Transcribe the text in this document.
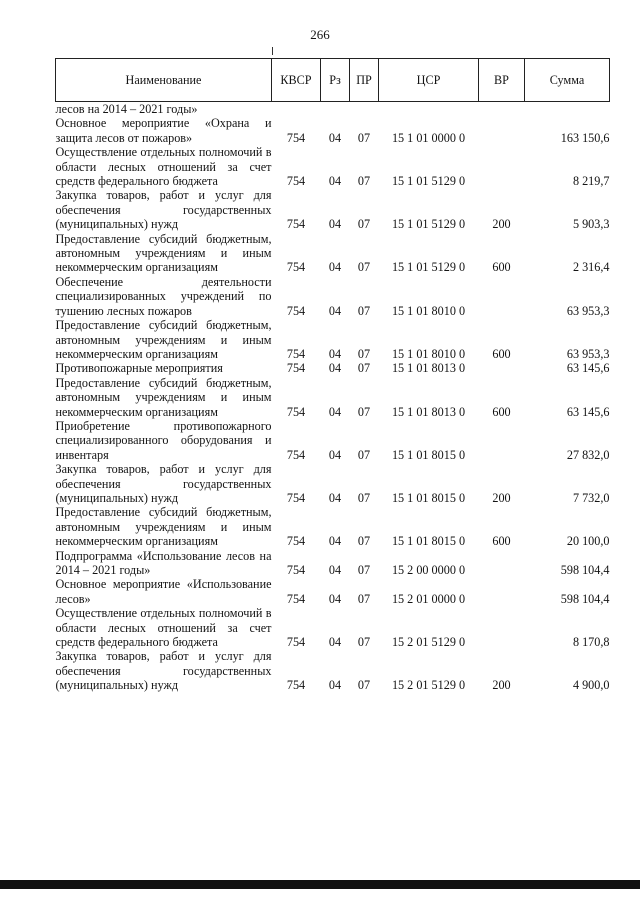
266
Наименование	КВСР	Рз	ПР	ЦСР	ВР	Сумма
лесов на 2014 – 2021 годы»						
Основное мероприятие «Охрана и защита лесов от пожаров»	754	04	07	15 1 01 0000 0		163 150,6
Осуществление отдельных полномочий в области лесных отношений за счет средств федерального бюджета	754	04	07	15 1 01 5129 0		8 219,7
Закупка товаров, работ и услуг для обеспечения государственных (муниципальных) нужд	754	04	07	15 1 01 5129 0	200	5 903,3
Предоставление субсидий бюджетным, автономным учреждениям и иным некоммерческим организациям	754	04	07	15 1 01 5129 0	600	2 316,4
Обеспечение деятельности специализированных учреждений по тушению лесных пожаров	754	04	07	15 1 01 8010 0		63 953,3
Предоставление субсидий бюджетным, автономным учреждениям и иным некоммерческим организациям	754	04	07	15 1 01 8010 0	600	63 953,3
Противопожарные мероприятия	754	04	07	15 1 01 8013 0		63 145,6
Предоставление субсидий бюджетным, автономным учреждениям и иным некоммерческим организациям	754	04	07	15 1 01 8013 0	600	63 145,6
Приобретение противопожарного специализированного оборудования и инвентаря	754	04	07	15 1 01 8015 0		27 832,0
Закупка товаров, работ и услуг для обеспечения государственных (муниципальных) нужд	754	04	07	15 1 01 8015 0	200	7 732,0
Предоставление субсидий бюджетным, автономным учреждениям и иным некоммерческим организациям	754	04	07	15 1 01 8015 0	600	20 100,0
Подпрограмма «Использование лесов на 2014 – 2021 годы»	754	04	07	15 2 00 0000 0		598 104,4
Основное мероприятие «Использование лесов»	754	04	07	15 2 01 0000 0		598 104,4
Осуществление отдельных полномочий в области лесных отношений за счет средств федерального бюджета	754	04	07	15 2 01 5129 0		8 170,8
Закупка товаров, работ и услуг для обеспечения государственных (муниципальных) нужд	754	04	07	15 2 01 5129 0	200	4 900,0
